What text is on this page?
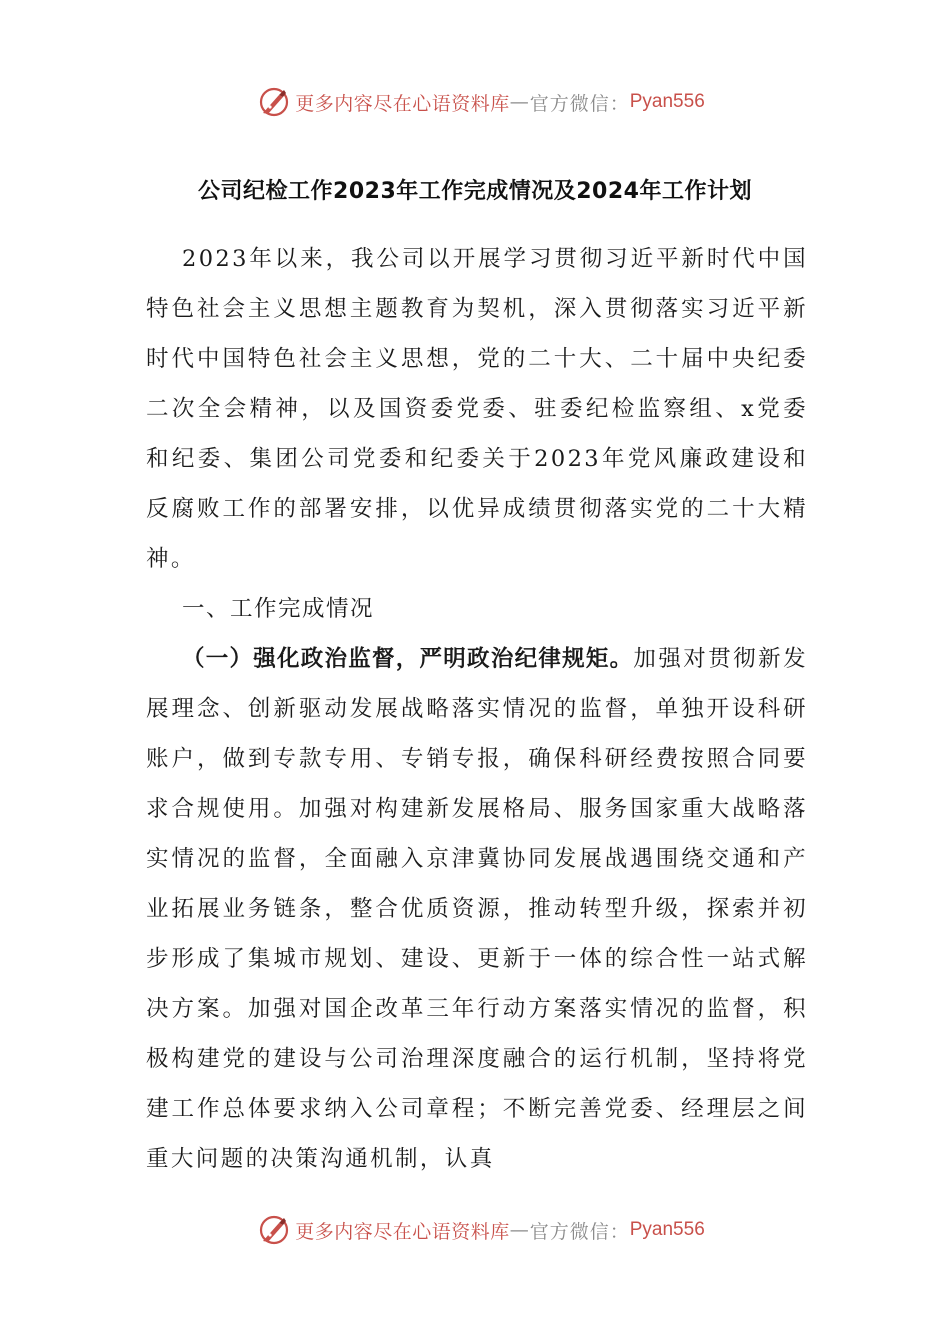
更多内容尽在心语资料库 — 官方微信： Pyan556
公司纪检工作2023年工作完成情况及2024年工作计划

2023年以来，我公司以开展学习贯彻习近平新时代中国特色社会主义思想主题教育为契机，深入贯彻落实习近平新时代中国特色社会主义思想，党的二十大、二十届中央纪委二次全会精神，以及国资委党委、驻委纪检监察组、x党委和纪委、集团公司党委和纪委关于2023年党风廉政建设和反腐败工作的部署安排，以优异成绩贯彻落实党的二十大精神。

一、工作完成情况

（一）强化政治监督，严明政治纪律规矩。加强对贯彻新发展理念、创新驱动发展战略落实情况的监督，单独开设科研账户，做到专款专用、专销专报，确保科研经费按照合同要求合规使用。加强对构建新发展格局、服务国家重大战略落实情况的监督，全面融入京津冀协同发展战遇围绕交通和产业拓展业务链条，整合优质资源，推动转型升级，探索并初步形成了集城市规划、建设、更新于一体的综合性一站式解决方案。加强对国企改革三年行动方案落实情况的监督，积极构建党的建设与公司治理深度融合的运行机制，坚持将党建工作总体要求纳入公司章程；不断完善党委、经理层之间重大问题的决策沟通机制，认真

更多内容尽在心语资料库 — 官方微信： Pyan556
